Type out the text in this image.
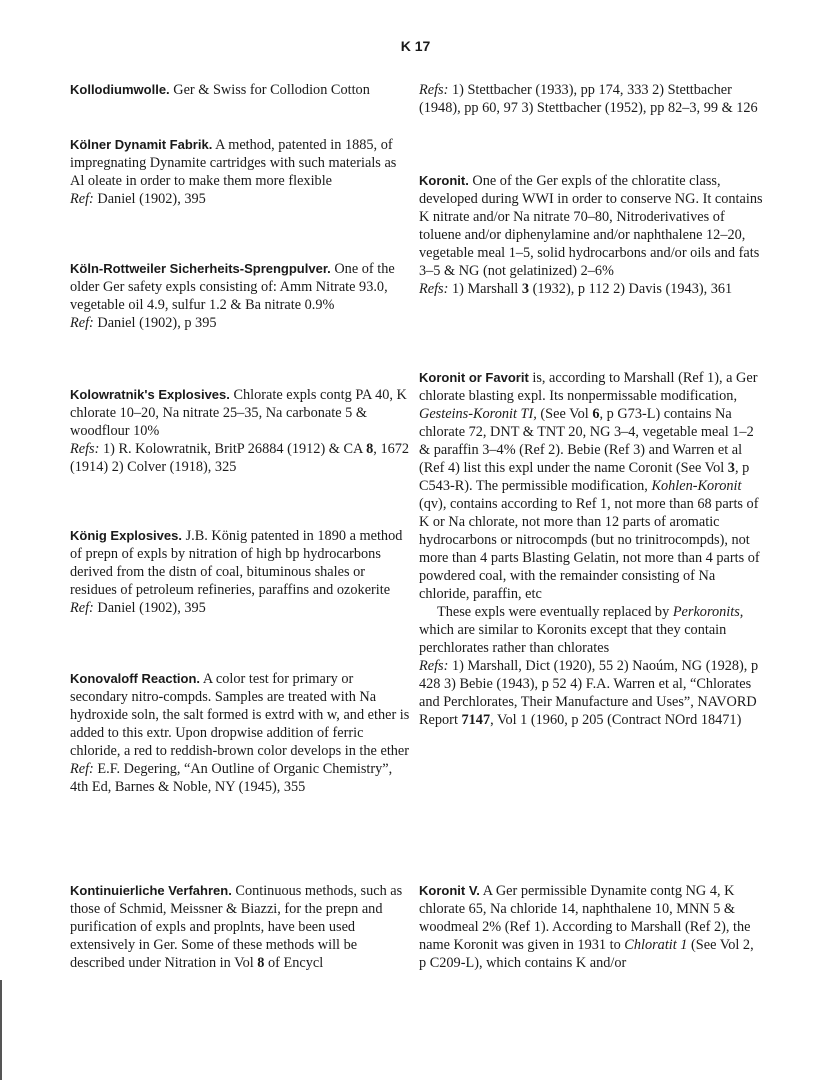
K 17

Kollodiumwolle. Ger & Swiss for Collodion Cotton

Kölner Dynamit Fabrik. A method, patented in 1885, of impregnating Dynamite cartridges with such materials as Al oleate in order to make them more flexible

Ref: Daniel (1902), 395

Köln-Rottweiler Sicherheits-Sprengpulver. One of the older Ger safety expls consisting of: Amm Nitrate 93.0, vegetable oil 4.9, sulfur 1.2 & Ba nitrate 0.9%

Ref: Daniel (1902), p 395

Kolowratnik's Explosives. Chlorate expls contg PA 40, K chlorate 10–20, Na nitrate 25–35, Na carbonate 5 & woodflour 10%

Refs: 1) R. Kolowratnik, BritP 26884 (1912) & CA 8, 1672 (1914) 2) Colver (1918), 325

König Explosives. J.B. König patented in 1890 a method of prepn of expls by nitration of high bp hydrocarbons derived from the distn of coal, bituminous shales or residues of petroleum refineries, paraffins and ozokerite

Ref: Daniel (1902), 395

Konovaloff Reaction. A color test for primary or secondary nitro-compds. Samples are treated with Na hydroxide soln, the salt formed is extrd with w, and ether is added to this extr. Upon dropwise addition of ferric chloride, a red to reddish-brown color develops in the ether

Ref: E.F. Degering, “An Outline of Organic Chemistry”, 4th Ed, Barnes & Noble, NY (1945), 355

Kontinuierliche Verfahren. Continuous methods, such as those of Schmid, Meissner & Biazzi, for the prepn and purification of expls and proplnts, have been used extensively in Ger. Some of these methods will be described under Nitration in Vol 8 of Encycl

Refs: 1) Stettbacher (1933), pp 174, 333 2) Stettbacher (1948), pp 60, 97 3) Stettbacher (1952), pp 82–3, 99 & 126

Koronit. One of the Ger expls of the chloratite class, developed during WWI in order to conserve NG. It contains K nitrate and/or Na nitrate 70–80, Nitroderivatives of toluene and/or diphenylamine and/or naphthalene 12–20, vegetable meal 1–5, solid hydrocarbons and/or oils and fats 3–5 & NG (not gelatinized) 2–6%

Refs: 1) Marshall 3 (1932), p 112 2) Davis (1943), 361

Koronit or Favorit is, according to Marshall (Ref 1), a Ger chlorate blasting expl. Its nonpermissable modification, Gesteins-Koronit TI, (See Vol 6, p G73-L) contains Na chlorate 72, DNT & TNT 20, NG 3–4, vegetable meal 1–2 & paraffin 3–4% (Ref 2). Bebie (Ref 3) and Warren et al (Ref 4) list this expl under the name Coronit (See Vol 3, p C543-R). The permissible modification, Kohlen-Koronit (qv), contains according to Ref 1, not more than 68 parts of K or Na chlorate, not more than 12 parts of aromatic hydrocarbons or nitrocompds (but no trinitrocompds), not more than 4 parts Blasting Gelatin, not more than 4 parts of powdered coal, with the remainder consisting of Na chloride, paraffin, etc

These expls were eventually replaced by Perkoronits, which are similar to Koronits except that they contain perchlorates rather than chlorates

Refs: 1) Marshall, Dict (1920), 55 2) Naoúm, NG (1928), p 428 3) Bebie (1943), p 52 4) F.A. Warren et al, “Chlorates and Perchlorates, Their Manufacture and Uses”, NAVORD Report 7147, Vol 1 (1960, p 205 (Contract NOrd 18471)

Koronit V. A Ger permissible Dynamite contg NG 4, K chlorate 65, Na chloride 14, naphthalene 10, MNN 5 & woodmeal 2% (Ref 1). According to Marshall (Ref 2), the name Koronit was given in 1931 to Chloratit 1 (See Vol 2, p C209-L), which contains K and/or
